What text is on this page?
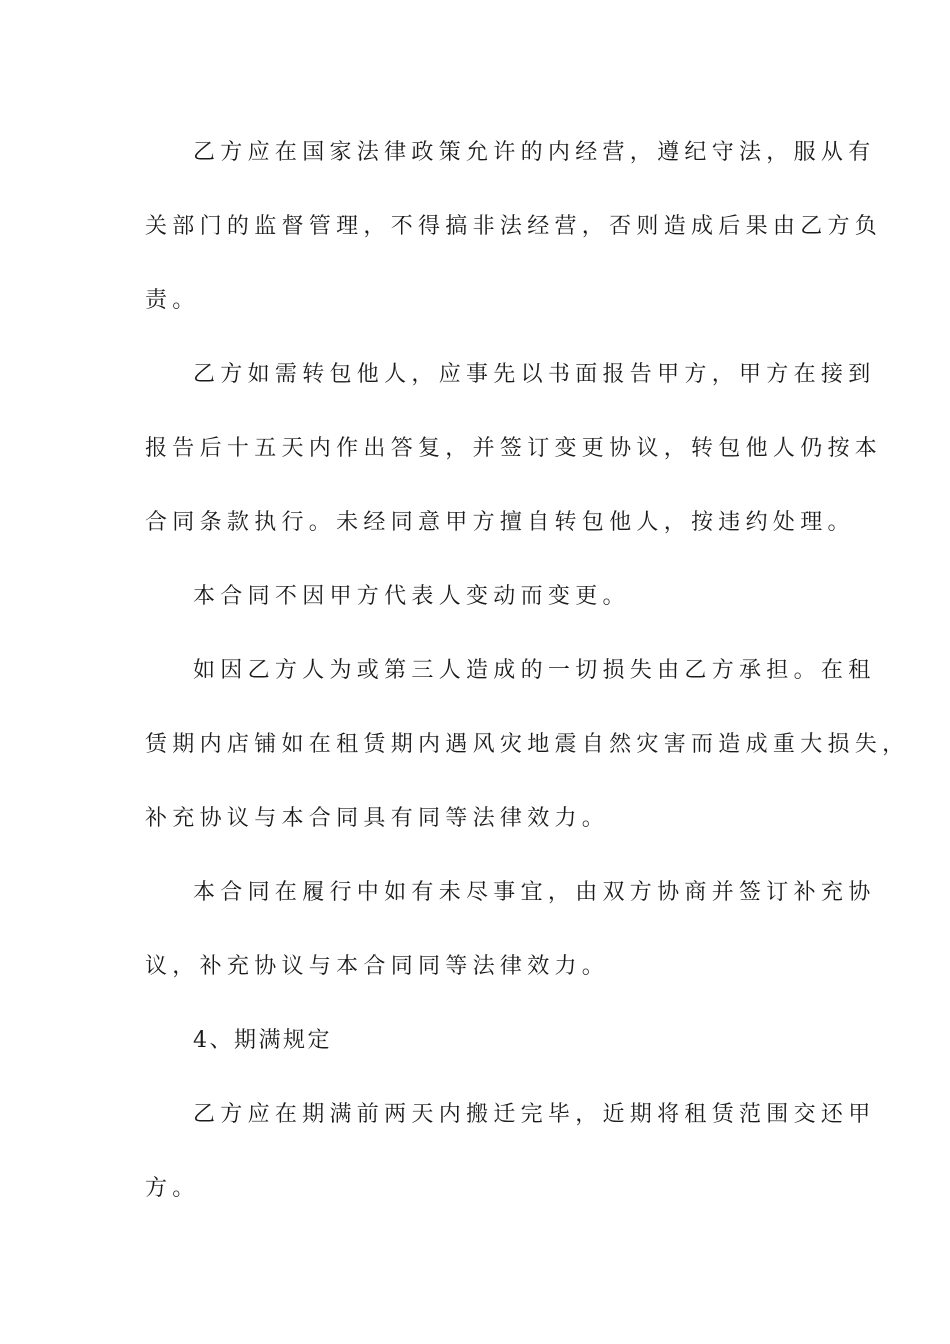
乙方应在国家法律政策允许的内经营，遵纪守法，服从有
关部门的监督管理，不得搞非法经营，否则造成后果由乙方负
责。
乙方如需转包他人，应事先以书面报告甲方，甲方在接到
报告后十五天内作出答复，并签订变更协议，转包他人仍按本
合同条款执行。未经同意甲方擅自转包他人，按违约处理。
本合同不因甲方代表人变动而变更。
如因乙方人为或第三人造成的一切损失由乙方承担。在租
赁期内店铺如在租赁期内遇风灾地震自然灾害而造成重大损失，
补充协议与本合同具有同等法律效力。
本合同在履行中如有未尽事宜，由双方协商并签订补充协
议，补充协议与本合同同等法律效力。
4、期满规定
乙方应在期满前两天内搬迁完毕，近期将租赁范围交还甲
方。
